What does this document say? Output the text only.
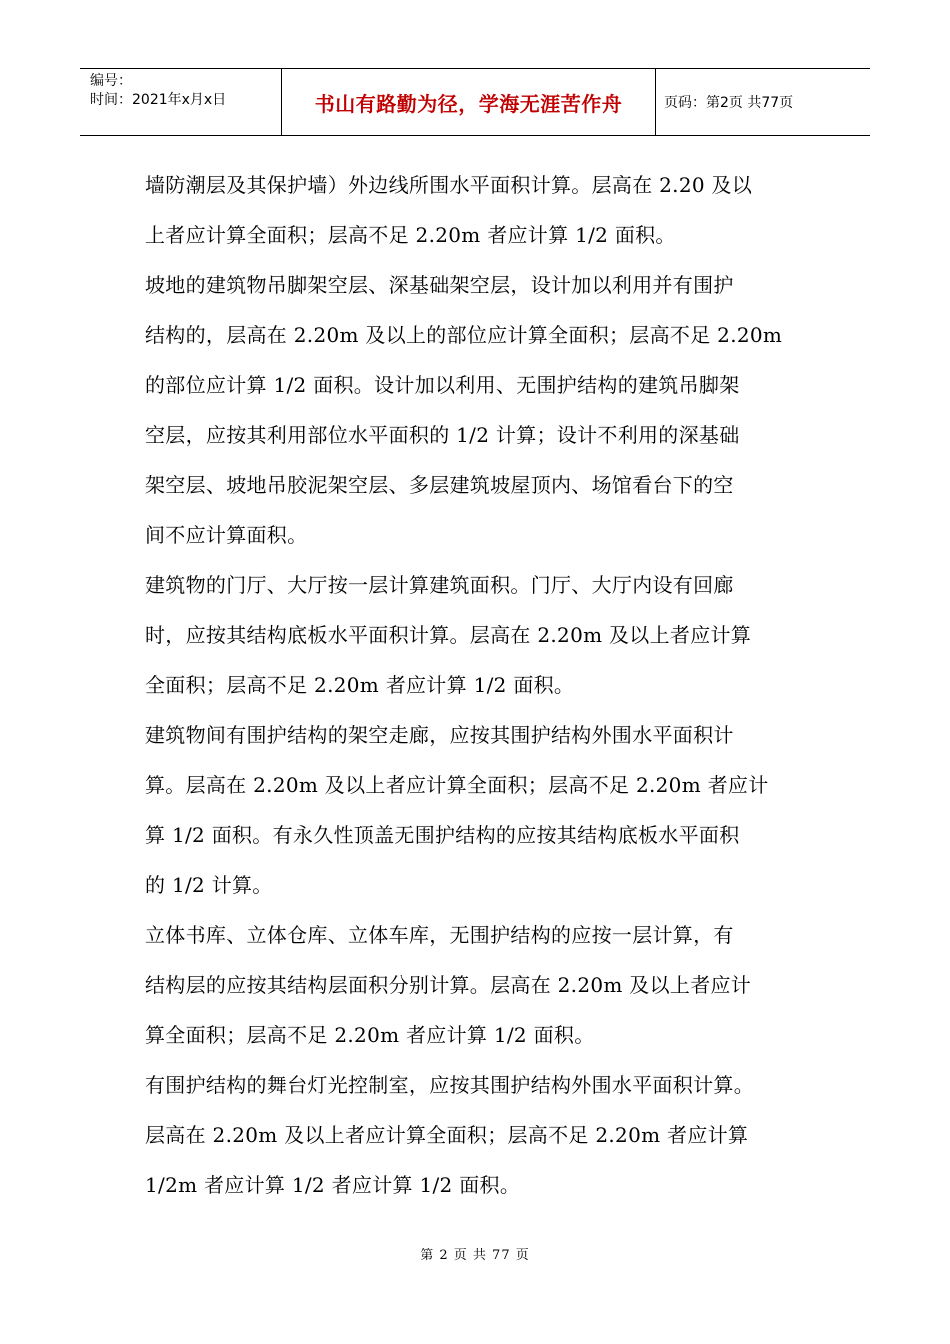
编号：
时间：2021年x月x日	书山有路勤为径，学海无涯苦作舟	页码：第2页 共77页

墙防潮层及其保护墙）外边线所围水平面积计算。层高在 2.20 及以
上者应计算全面积；层高不足 2.20m 者应计算 1/2 面积。

坡地的建筑物吊脚架空层、深基础架空层，设计加以利用并有围护
结构的，层高在 2.20m 及以上的部位应计算全面积；层高不足 2.20m
的部位应计算 1/2 面积。设计加以利用、无围护结构的建筑吊脚架
空层，应按其利用部位水平面积的 1/2 计算；设计不利用的深基础
架空层、坡地吊胶泥架空层、多层建筑坡屋顶内、场馆看台下的空
间不应计算面积。

建筑物的门厅、大厅按一层计算建筑面积。门厅、大厅内设有回廊
时，应按其结构底板水平面积计算。层高在 2.20m 及以上者应计算
全面积；层高不足 2.20m 者应计算 1/2 面积。

建筑物间有围护结构的架空走廊，应按其围护结构外围水平面积计
算。层高在 2.20m 及以上者应计算全面积；层高不足 2.20m 者应计
算 1/2 面积。有永久性顶盖无围护结构的应按其结构底板水平面积
的 1/2 计算。

立体书库、立体仓库、立体车库，无围护结构的应按一层计算，有
结构层的应按其结构层面积分别计算。层高在 2.20m 及以上者应计
算全面积；层高不足 2.20m 者应计算 1/2 面积。

有围护结构的舞台灯光控制室，应按其围护结构外围水平面积计算。
层高在 2.20m 及以上者应计算全面积；层高不足 2.20m 者应计算
1/2m 者应计算 1/2 者应计算 1/2 面积。

第 2 页 共 77 页
